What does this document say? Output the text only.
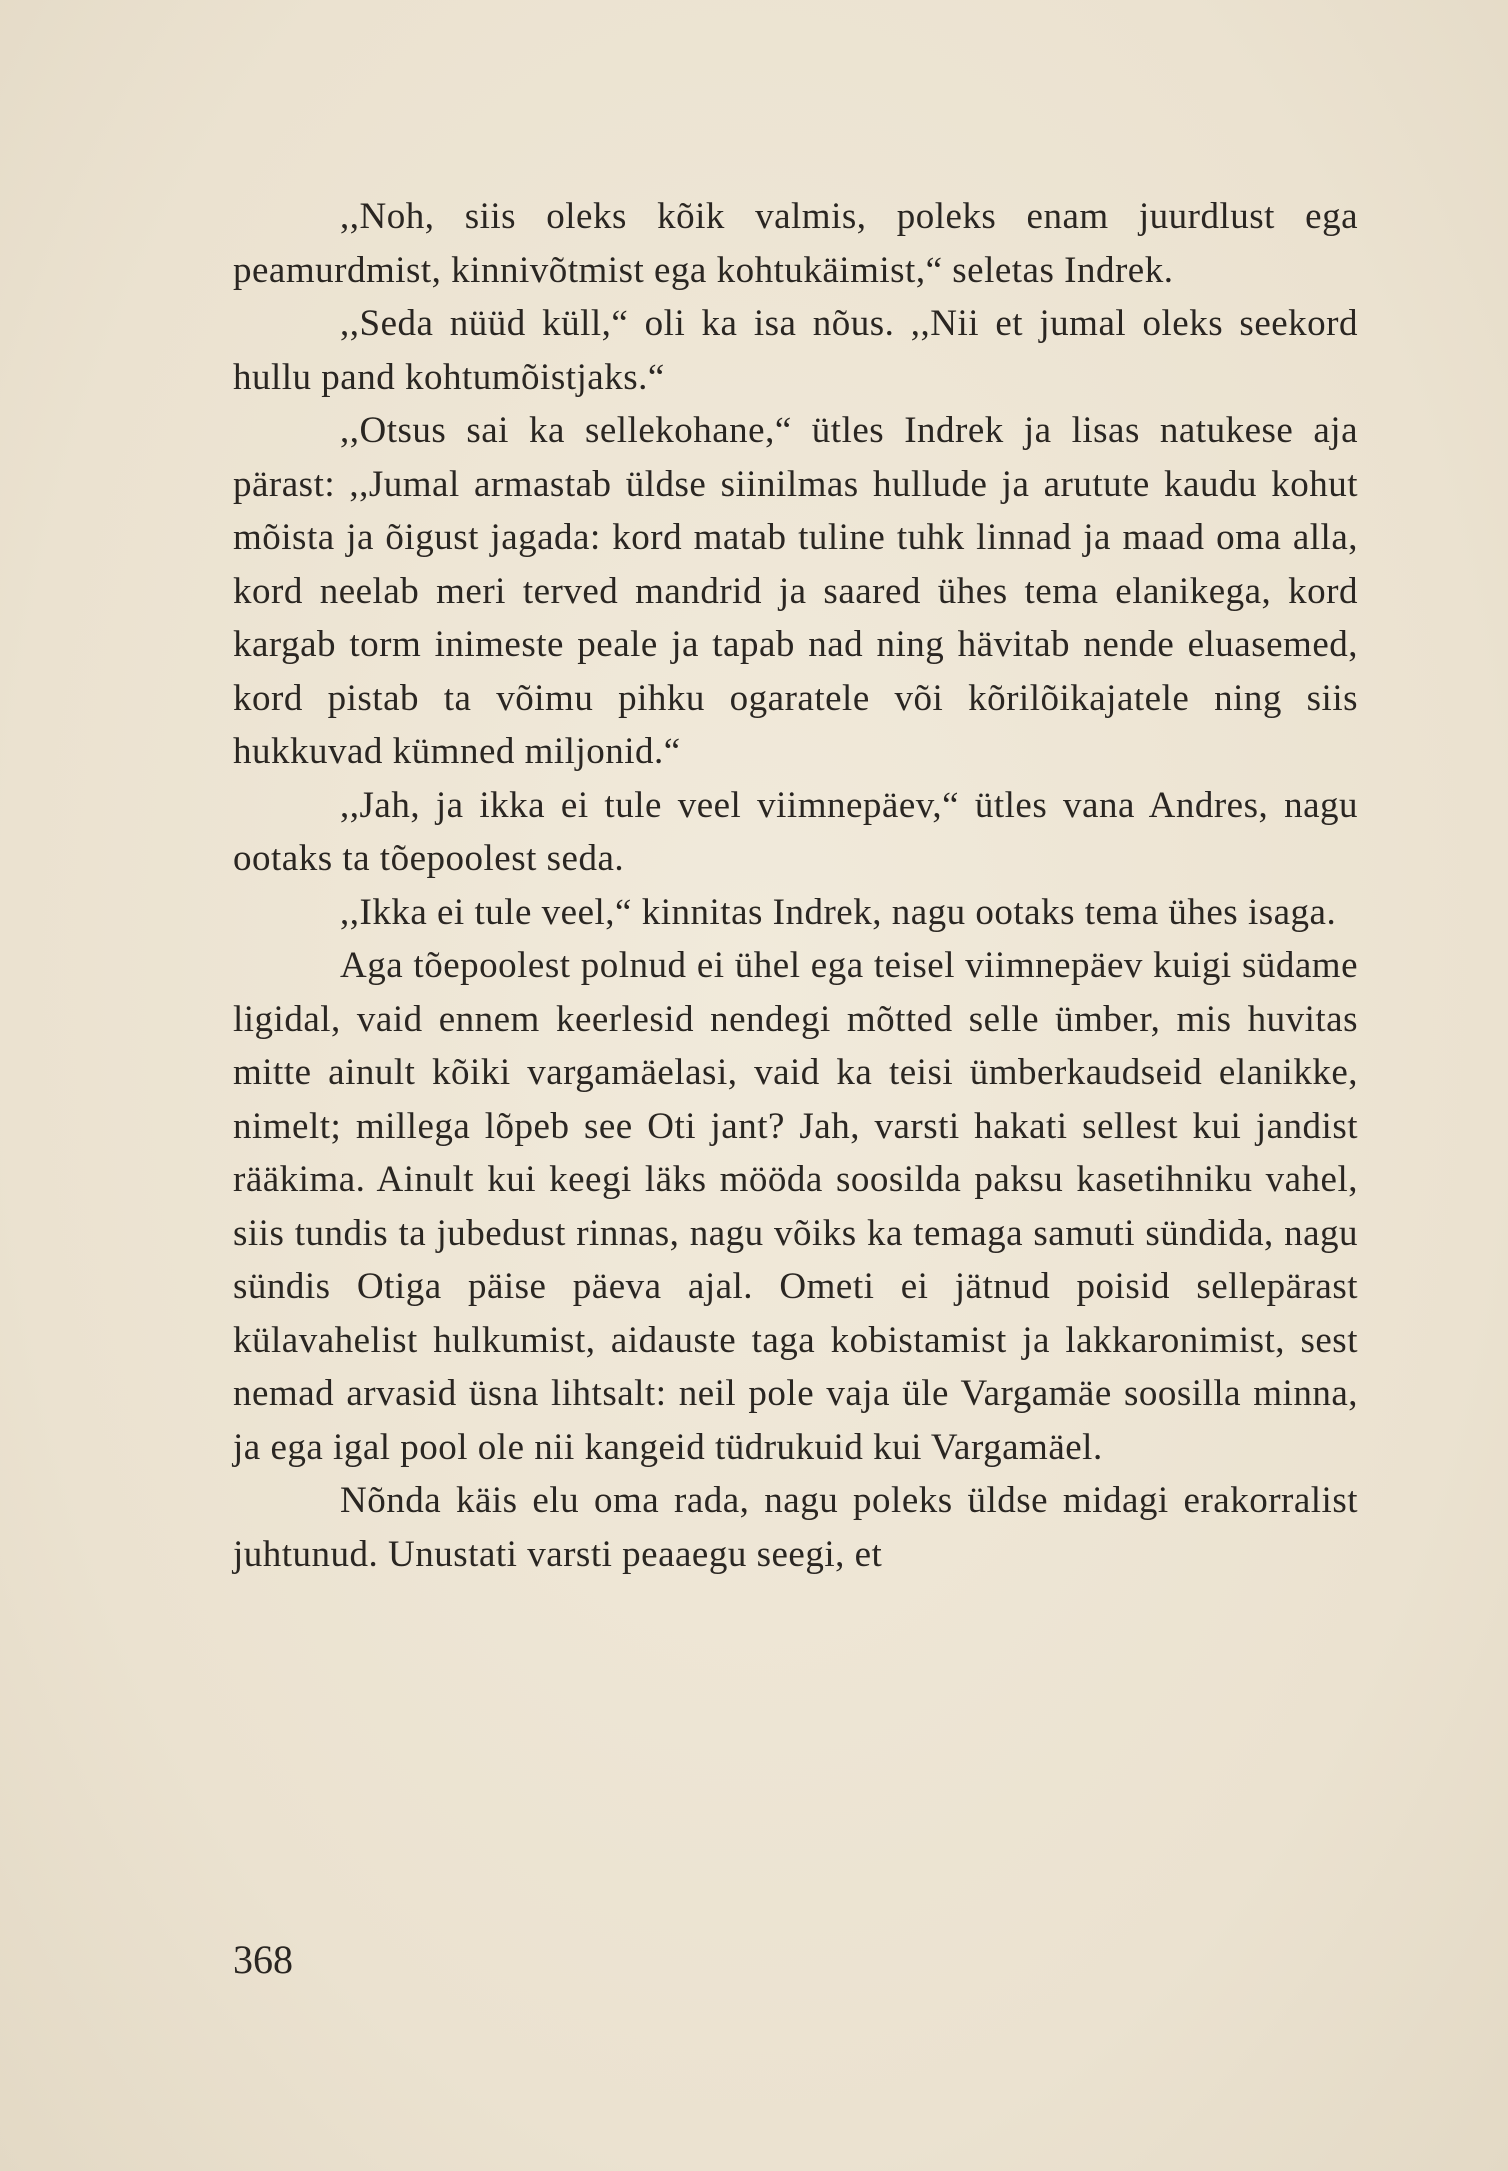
,,Noh, siis oleks kõik valmis, poleks enam juurdlust ega peamurdmist, kinnivõtmist ega kohtukäimist,“ seletas Indrek.

,,Seda nüüd küll,“ oli ka isa nõus. ,,Nii et jumal oleks seekord hullu pand kohtumõistjaks.“

,,Otsus sai ka sellekohane,“ ütles Indrek ja lisas natukese aja pärast: ,,Jumal armastab üldse siinilmas hullude ja arutute kaudu kohut mõista ja õigust jagada: kord matab tuline tuhk linnad ja maad oma alla, kord neelab meri terved mandrid ja saared ühes tema elanikega, kord kargab torm inimeste peale ja tapab nad ning hävitab nende eluasemed, kord pistab ta võimu pihku ogaratele või kõrilõikajatele ning siis hukkuvad kümned miljonid.“

,,Jah, ja ikka ei tule veel viimnepäev,“ ütles vana Andres, nagu ootaks ta tõepoolest seda.

,,Ikka ei tule veel,“ kinnitas Indrek, nagu ootaks tema ühes isaga.

Aga tõepoolest polnud ei ühel ega teisel viimnepäev kuigi südame ligidal, vaid ennem keerlesid nendegi mõtted selle ümber, mis huvitas mitte ainult kõiki vargamäelasi, vaid ka teisi ümberkaudseid elanikke, nimelt; millega lõpeb see Oti jant? Jah, varsti hakati sellest kui jandist rääkima. Ainult kui keegi läks mööda soosilda paksu kasetihniku vahel, siis tundis ta jubedust rinnas, nagu võiks ka temaga samuti sündida, nagu sündis Otiga päise päeva ajal. Ometi ei jätnud poisid sellepärast külavahelist hulkumist, aidauste taga kobistamist ja lakkaronimist, sest nemad arvasid üsna lihtsalt: neil pole vaja üle Vargamäe soosilla minna, ja ega igal pool ole nii kangeid tüdrukuid kui Vargamäel.

Nõnda käis elu oma rada, nagu poleks üldse midagi erakorralist juhtunud. Unustati varsti peaaegu seegi, et

368
